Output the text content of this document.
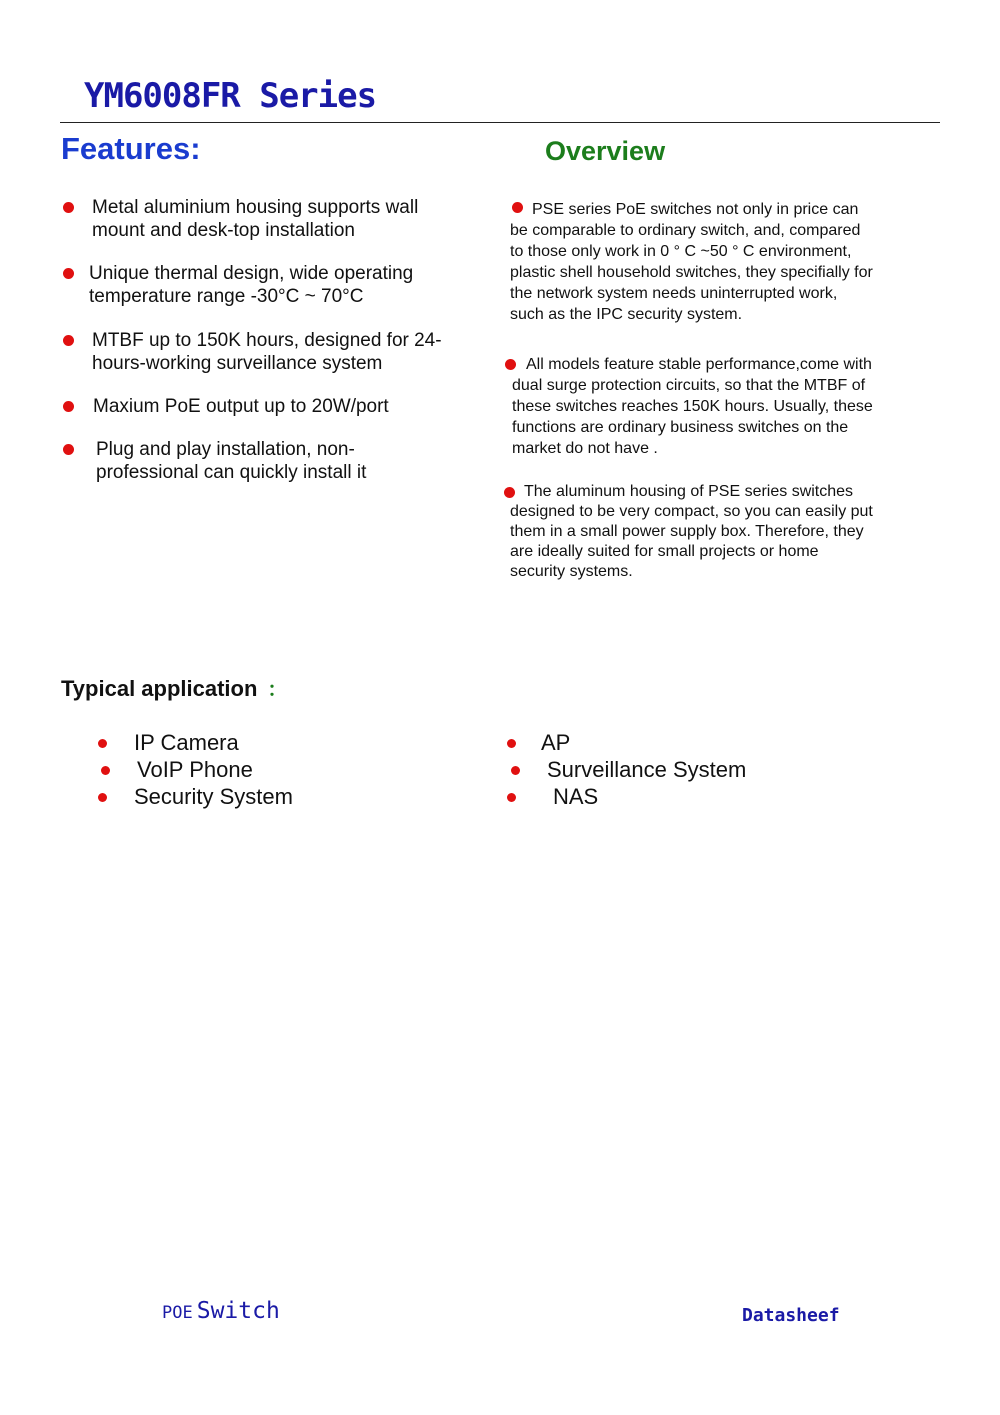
YM6008FR Series
Features:	Overview
Metal aluminium housing supports wall mount and desk-top installation
Unique thermal design, wide operating temperature range -30°C ~ 70°C
MTBF up to 150K hours, designed for 24-hours-working surveillance system
Maxium PoE output up to 20W/port
Plug and play installation, non-professional can quickly install it
PSE series PoE switches not only in price can be comparable to ordinary switch, and, compared to those only work in 0 ° C ~50 ° C environment, plastic shell household switches, they specifially for the network system needs uninterrupted work, such as the IPC security system.
All models feature stable performance,come with dual surge protection circuits, so that the MTBF of these switches reaches 150K hours. Usually, these functions are ordinary business switches on the market do not have .
The aluminum housing of PSE series switches designed to be very compact, so you can easily put them in a small power supply box. Therefore, they are ideally suited for small projects or home security systems.
Typical application ：
IP Camera
VoIP Phone
Security System
AP
Surveillance System
NAS
POE Switch	Datasheef
